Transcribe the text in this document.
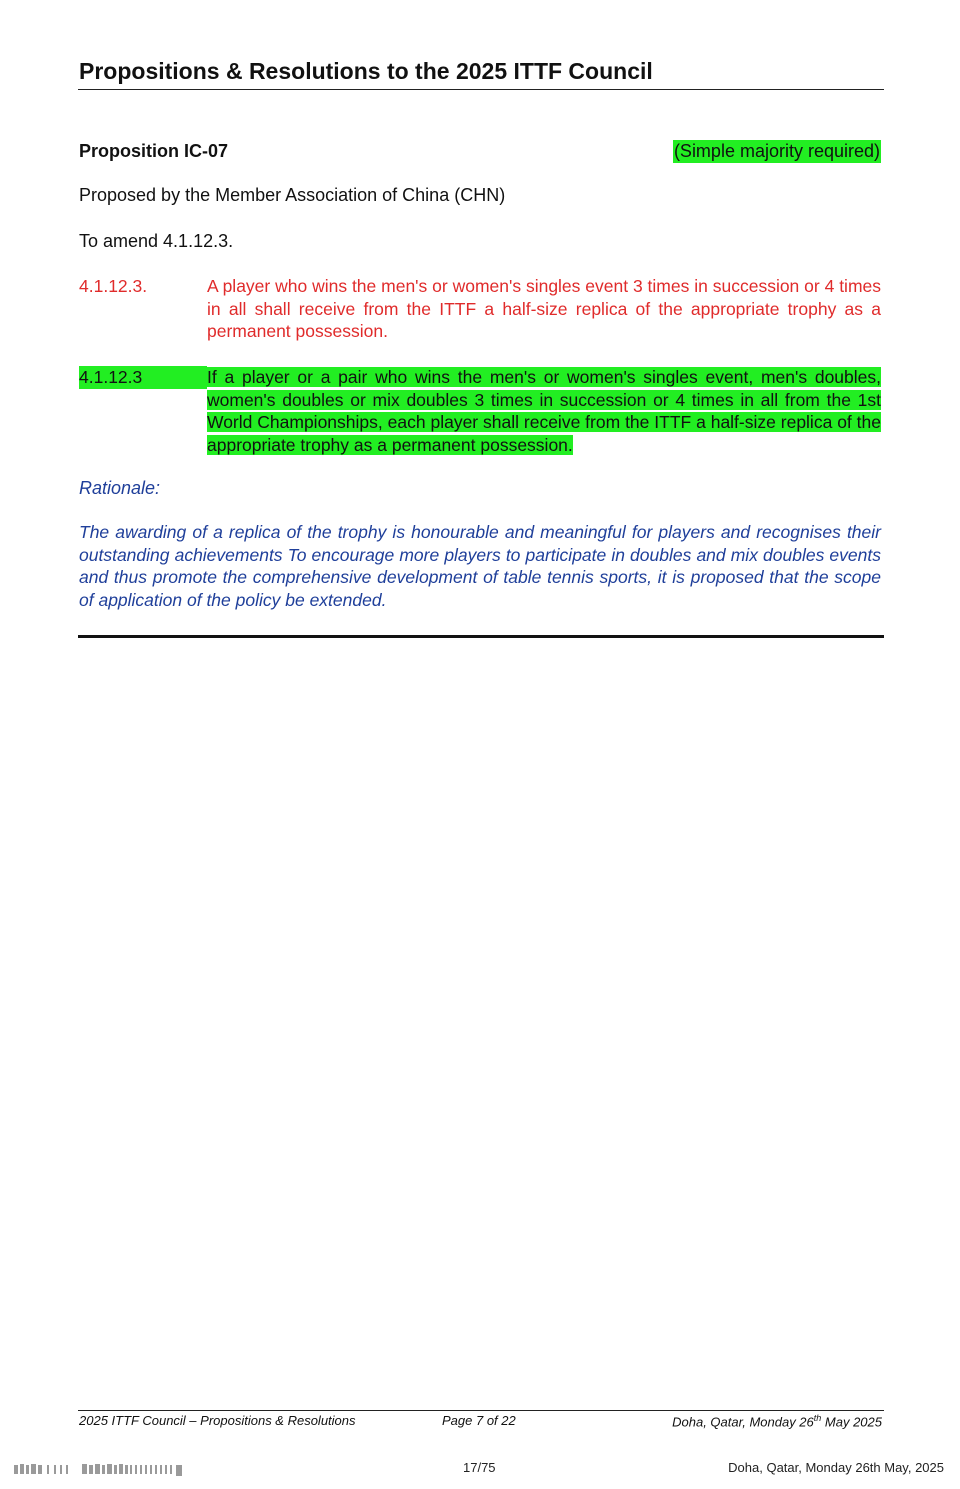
Propositions & Resolutions to the 2025 ITTF Council
Proposition IC-07	(Simple majority required)
Proposed by the Member Association of China (CHN)
To amend 4.1.12.3.
4.1.12.3.	A player who wins the men's or women's singles event 3 times in succession or 4 times in all shall receive from the ITTF a half-size replica of the appropriate trophy as a permanent possession.
4.1.12.3	If a player or a pair who wins the men's or women's singles event, men's doubles, women's doubles or mix doubles 3 times in succession or 4 times in all from the 1st World Championships, each player shall receive from the ITTF a half-size replica of the appropriate trophy as a permanent possession.
Rationale:

The awarding of a replica of the trophy is honourable and meaningful for players and recognises their outstanding achievements To encourage more players to participate in doubles and mix doubles events and thus promote the comprehensive development of table tennis sports, it is proposed that the scope of application of the policy be extended.

2025 ITTF Council – Propositions & Resolutions	Page 7 of 22	Doha, Qatar, Monday 26th May 2025
17/75	Doha, Qatar, Monday 26th May, 2025
